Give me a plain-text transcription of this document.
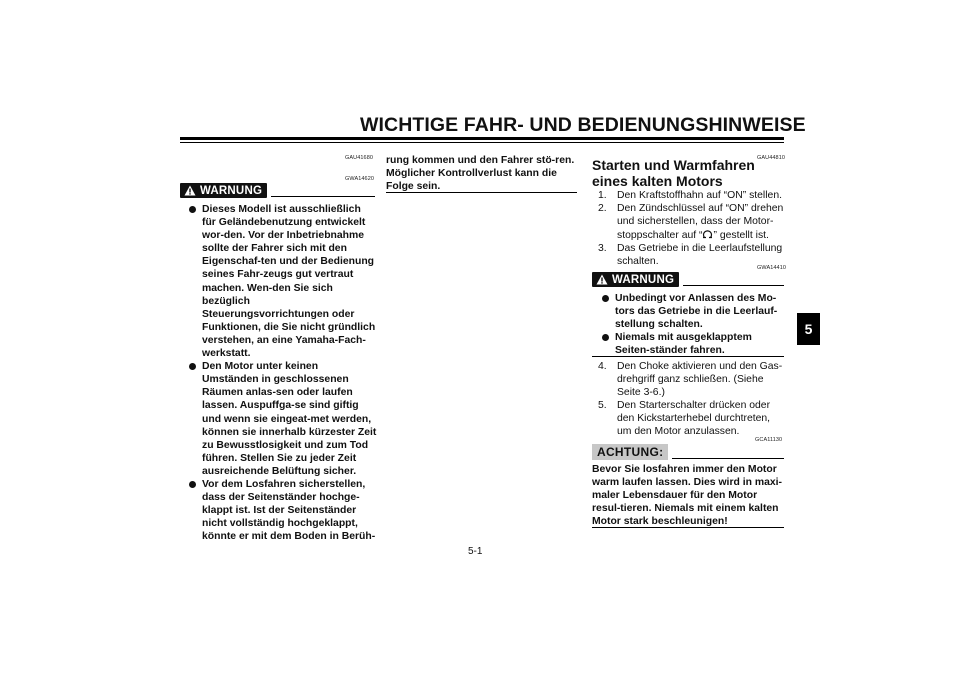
WICHTIGE FAHR- UND BEDIENUNGSHINWEISE
5
GAU41680
GWA14620
WARNUNG
Dieses Modell ist ausschließlich für Geländebenutzung entwickelt wor-den. Vor der Inbetriebnahme sollte der Fahrer sich mit den Eigenschaf-ten und der Bedienung seines Fahr-zeugs gut vertraut machen. Wen-den Sie sich bezüglich Steuerungsvorrichtungen oder Funktionen, die Sie nicht gründlich verstehen, an eine Yamaha-Fach-werkstatt.
Den Motor unter keinen Umständen in geschlossenen Räumen anlas-sen oder laufen lassen. Auspuffga-se sind giftig und wenn sie eingeat-met werden, können sie innerhalb kürzester Zeit zu Bewusstlosigkeit und zum Tod führen. Stellen Sie zu jeder Zeit ausreichende Belüftung sicher.
Vor dem Losfahren sicherstellen, dass der Seitenständer hochge-klappt ist. Ist der Seitenständer nicht vollständig hochgeklappt, könnte er mit dem Boden in Berüh-
rung kommen und den Fahrer stö-ren. Möglicher Kontrollverlust kann die Folge sein.
GAU44810
Starten und Warmfahren eines kalten Motors
1. Den Kraftstoffhahn auf “ON” stellen.
2. Den Zündschlüssel auf “ON” drehen und sicherstellen, dass der Motor-stoppschalter auf “ ” gestellt ist.
3. Das Getriebe in die Leerlaufstellung schalten.
GWA14410
WARNUNG
Unbedingt vor Anlassen des Mo-tors das Getriebe in die Leerlauf-stellung schalten.
Niemals mit ausgeklapptem Seiten-ständer fahren.
4. Den Choke aktivieren und den Gas-drehgriff ganz schließen. (Siehe Seite 3-6.)
5. Den Starterschalter drücken oder den Kickstarterhebel durchtreten, um den Motor anzulassen.
GCA11130
ACHTUNG:
Bevor Sie losfahren immer den Motor warm laufen lassen. Dies wird in maxi-maler Lebensdauer für den Motor resul-tieren. Niemals mit einem kalten Motor stark beschleunigen!
5-1
